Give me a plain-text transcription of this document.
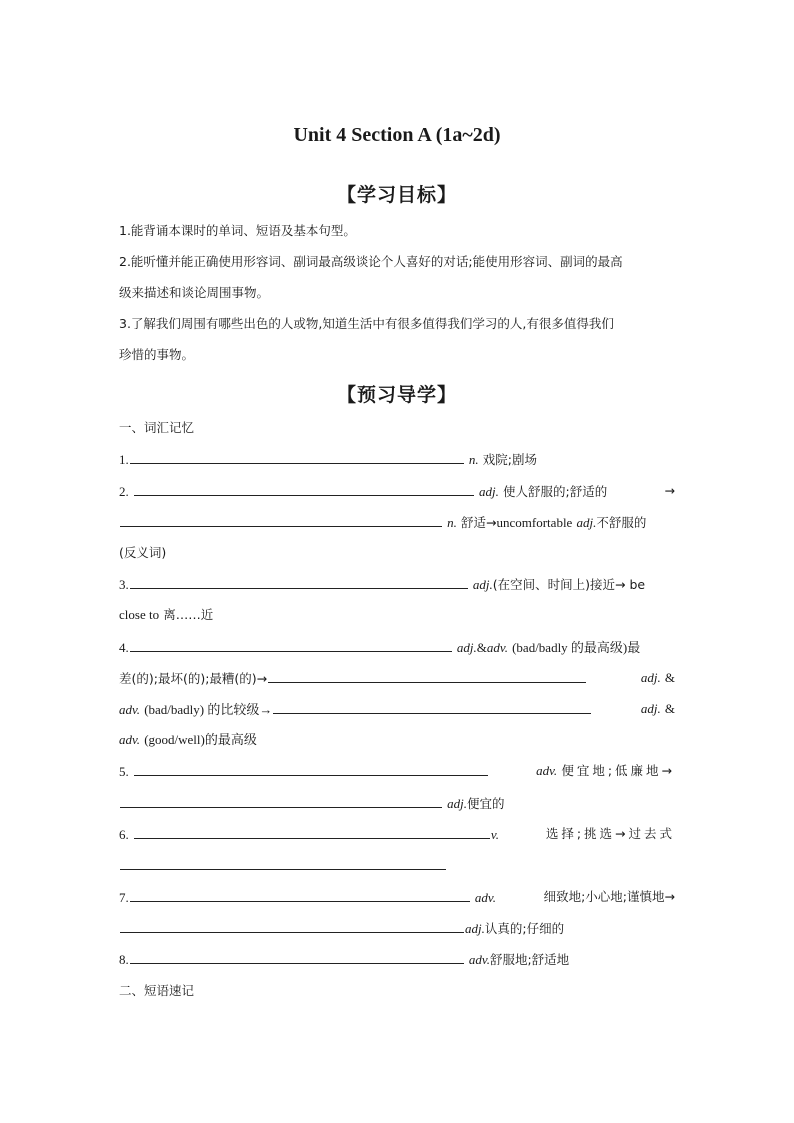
Unit 4 Section A (1a~2d)
【学习目标】
1.能背诵本课时的单词、短语及基本句型。
2.能听懂并能正确使用形容词、副词最高级谈论个人喜好的对话;能使用形容词、副词的最高
级来描述和谈论周围事物。
3.了解我们周围有哪些出色的人或物,知道生活中有很多值得我们学习的人,有很多值得我们
珍惜的事物。
【预习导学】
一、词汇记忆
1.	n. 戏院;剧场
2.	adj. 使人舒服的;舒适的	→
n. 舒适→uncomfortable adj.不舒服的
(反义词)
3.	adj.(在空间、时间上)接近→ be
close to 离……近
4.	adj.&adv. (bad/badly 的最高级)最
差(的);最坏(的);最糟(的)→	adj. &
adv. (bad/badly) 的比较级→	adj. &
adv. (good/well)的最高级
5.	adv. 便宜地;低廉地→
adj.便宜的
6.	v.	选择;挑选→过去式
7.	adv.	细致地;小心地;谨慎地→
adj.认真的;仔细的
8.	adv.舒服地;舒适地
二、短语速记
